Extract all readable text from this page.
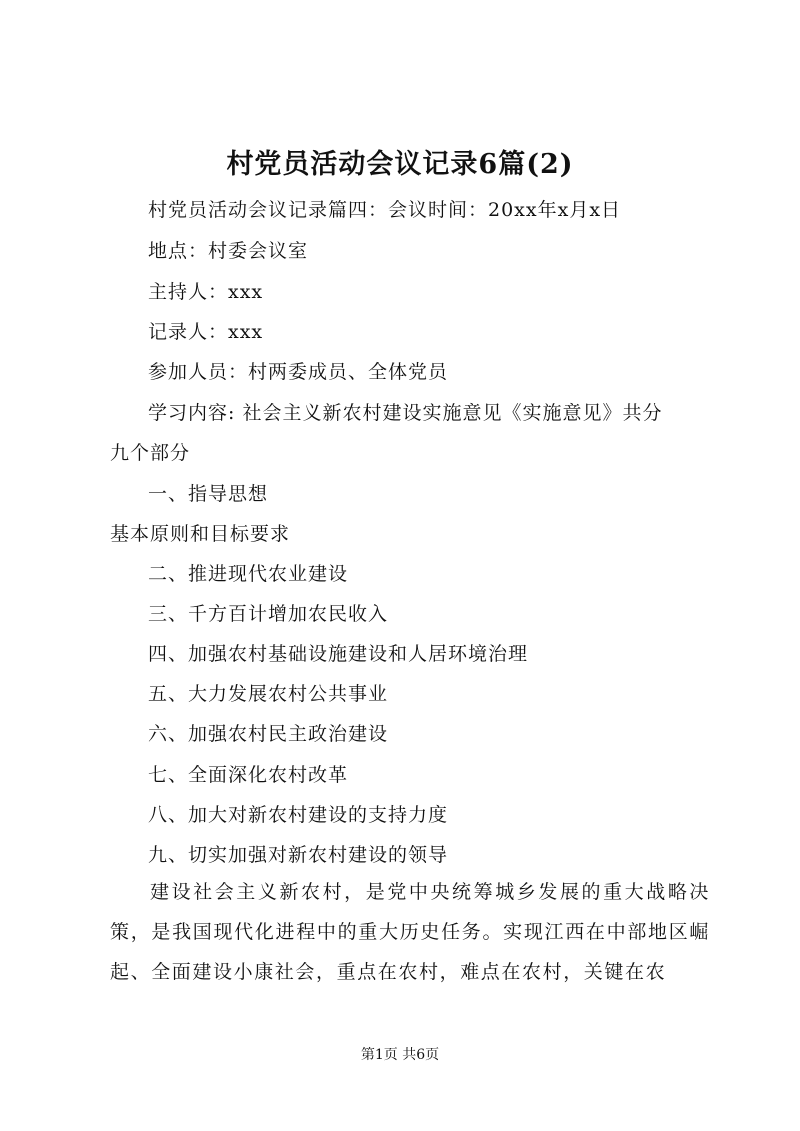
村党员活动会议记录6篇(2)
村党员活动会议记录篇四：会议时间：20xx年x月x日
地点：村委会议室
主持人：xxx
记录人：xxx
参加人员：村两委成员、全体党员
学习内容: 社会主义新农村建设实施意见《实施意见》共分
九个部分
一、指导思想
基本原则和目标要求
二、推进现代农业建设
三、千方百计增加农民收入
四、加强农村基础设施建设和人居环境治理
五、大力发展农村公共事业
六、加强农村民主政治建设
七、全面深化农村改革
八、加大对新农村建设的支持力度
九、切实加强对新农村建设的领导
建设社会主义新农村，是党中央统筹城乡发展的重大战略决策，是我国现代化进程中的重大历史任务。实现江西在中部地区崛起、全面建设小康社会，重点在农村，难点在农村，关键在农
第1页 共6页
